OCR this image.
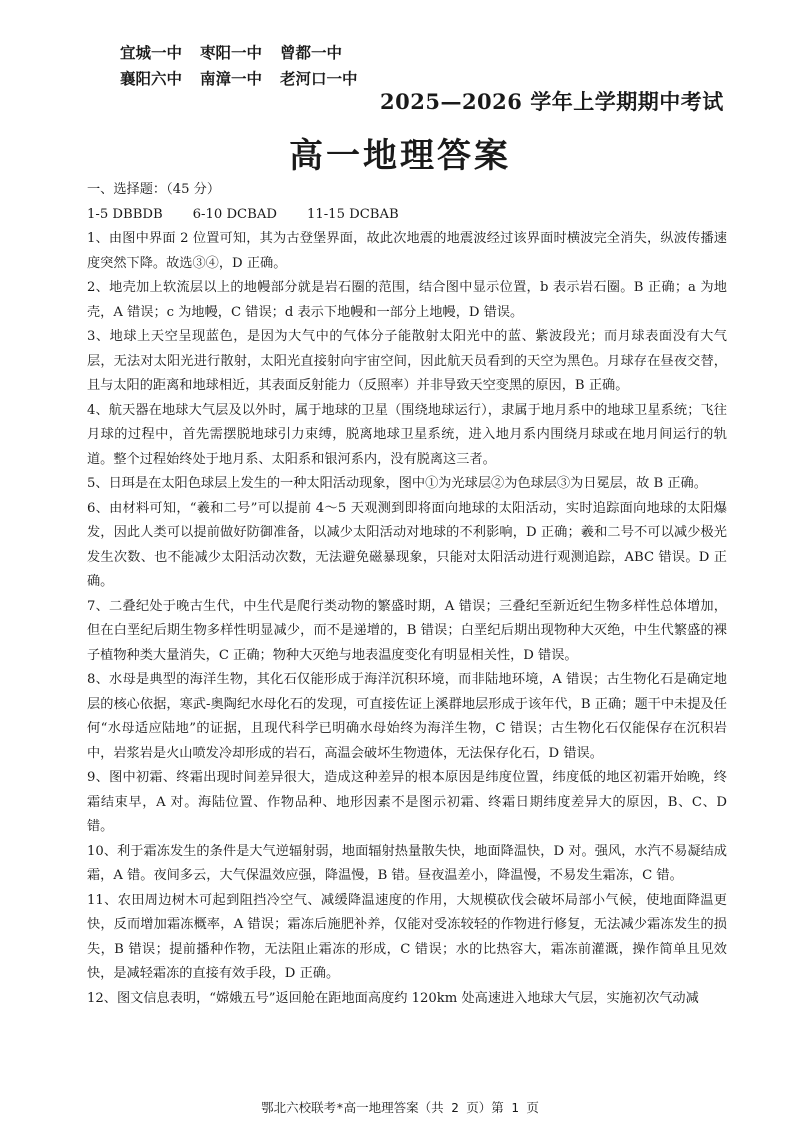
宜城一中 枣阳一中 曾都一中
襄阳六中 南漳一中 老河口一中
2025—2026 学年上学期期中考试
高一地理答案

一、选择题：（45 分）

1-5 DBBDB 6-10 DCBAD 11-15 DCBAB

1、由图中界面 2 位置可知，其为古登堡界面，故此次地震的地震波经过该界面时横波完全消失，纵波传播速度突然下降。故选③④，D 正确。

2、地壳加上软流层以上的地幔部分就是岩石圈的范围，结合图中显示位置，b 表示岩石圈。B 正确；a 为地壳，A 错误；c 为地幔，C 错误；d 表示下地幔和一部分上地幔，D 错误。

3、地球上天空呈现蓝色，是因为大气中的气体分子能散射太阳光中的蓝、紫波段光；而月球表面没有大气层，无法对太阳光进行散射，太阳光直接射向宇宙空间，因此航天员看到的天空为黑色。月球存在昼夜交替，且与太阳的距离和地球相近，其表面反射能力（反照率）并非导致天空变黑的原因，B 正确。

4、航天器在地球大气层及以外时，属于地球的卫星（围绕地球运行），隶属于地月系中的地球卫星系统；飞往月球的过程中，首先需摆脱地球引力束缚，脱离地球卫星系统，进入地月系内围绕月球或在地月间运行的轨道。整个过程始终处于地月系、太阳系和银河系内，没有脱离这三者。

5、日珥是在太阳色球层上发生的一种太阳活动现象，图中①为光球层②为色球层③为日冕层，故 B 正确。

6、由材料可知，“羲和二号”可以提前 4～5 天观测到即将面向地球的太阳活动，实时追踪面向地球的太阳爆发，因此人类可以提前做好防御准备，以减少太阳活动对地球的不利影响，D 正确；羲和二号不可以减少极光发生次数、也不能减少太阳活动次数，无法避免磁暴现象，只能对太阳活动进行观测追踪，ABC 错误。D 正确。

7、二叠纪处于晚古生代，中生代是爬行类动物的繁盛时期，A 错误；三叠纪至新近纪生物多样性总体增加，但在白垩纪后期生物多样性明显减少，而不是递增的，B 错误；白垩纪后期出现物种大灭绝，中生代繁盛的裸子植物种类大量消失，C 正确；物种大灭绝与地表温度变化有明显相关性，D 错误。

8、水母是典型的海洋生物，其化石仅能形成于海洋沉积环境，而非陆地环境，A 错误；古生物化石是确定地层的核心依据，寒武-奥陶纪水母化石的发现，可直接佐证上溪群地层形成于该年代，B 正确；题干中未提及任何“水母适应陆地”的证据，且现代科学已明确水母始终为海洋生物，C 错误；古生物化石仅能保存在沉积岩中，岩浆岩是火山喷发冷却形成的岩石，高温会破坏生物遗体，无法保存化石，D 错误。

9、图中初霜、终霜出现时间差异很大，造成这种差异的根本原因是纬度位置，纬度低的地区初霜开始晚，终霜结束早，A 对。海陆位置、作物品种、地形因素不是图示初霜、终霜日期纬度差异大的原因，B、C、D 错。

10、利于霜冻发生的条件是大气逆辐射弱，地面辐射热量散失快，地面降温快，D 对。强风，水汽不易凝结成霜，A 错。夜间多云，大气保温效应强，降温慢，B 错。昼夜温差小，降温慢，不易发生霜冻，C 错。

11、农田周边树木可起到阻挡冷空气、减缓降温速度的作用，大规模砍伐会破坏局部小气候，使地面降温更快，反而增加霜冻概率，A 错误；霜冻后施肥补养，仅能对受冻较轻的作物进行修复，无法减少霜冻发生的损失，B 错误；提前播种作物，无法阻止霜冻的形成，C 错误；水的比热容大，霜冻前灌溉，操作简单且见效快，是减轻霜冻的直接有效手段，D 正确。

12、图文信息表明，“嫦娥五号”返回舱在距地面高度约 120km 处高速进入地球大气层，实施初次气动减

鄂北六校联考*高一地理答案（共 2 页）第 1 页
